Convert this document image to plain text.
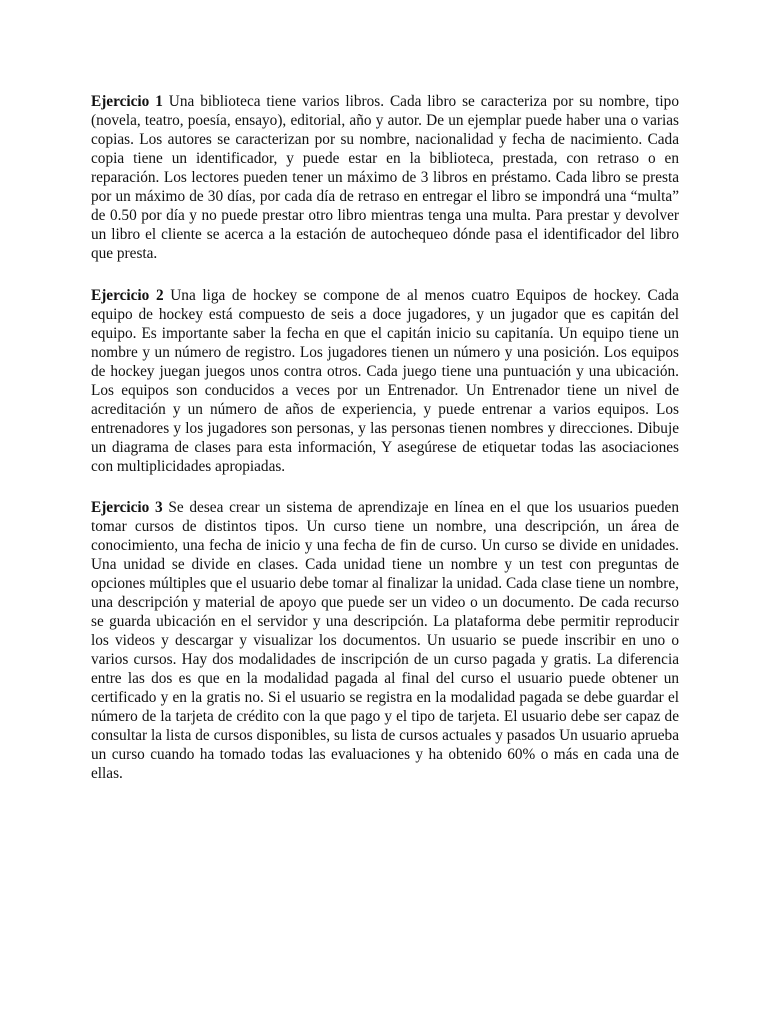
Ejercicio 1 Una biblioteca tiene varios libros. Cada libro se caracteriza por su nombre, tipo (novela, teatro, poesía, ensayo), editorial, año y autor. De un ejemplar puede haber una o varias copias. Los autores se caracterizan por su nombre, nacionalidad y fecha de nacimiento. Cada copia tiene un identificador, y puede estar en la biblioteca, prestada, con retraso o en reparación. Los lectores pueden tener un máximo de 3 libros en préstamo. Cada libro se presta por un máximo de 30 días, por cada día de retraso en entregar el libro se impondrá una “multa” de 0.50 por día y no puede prestar otro libro mientras tenga una multa. Para prestar y devolver un libro el cliente se acerca a la estación de autochequeo dónde pasa el identificador del libro que presta.

Ejercicio 2 Una liga de hockey se compone de al menos cuatro Equipos de hockey. Cada equipo de hockey está compuesto de seis a doce jugadores, y un jugador que es capitán del equipo. Es importante saber la fecha en que el capitán inicio su capitanía. Un equipo tiene un nombre y un número de registro. Los jugadores tienen un número y una posición. Los equipos de hockey juegan juegos unos contra otros. Cada juego tiene una puntuación y una ubicación. Los equipos son conducidos a veces por un Entrenador. Un Entrenador tiene un nivel de acreditación y un número de años de experiencia, y puede entrenar a varios equipos. Los entrenadores y los jugadores son personas, y las personas tienen nombres y direcciones. Dibuje un diagrama de clases para esta información, Y asegúrese de etiquetar todas las asociaciones con multiplicidades apropiadas.

Ejercicio 3 Se desea crear un sistema de aprendizaje en línea en el que los usuarios pueden tomar cursos de distintos tipos. Un curso tiene un nombre, una descripción, un área de conocimiento, una fecha de inicio y una fecha de fin de curso. Un curso se divide en unidades. Una unidad se divide en clases. Cada unidad tiene un nombre y un test con preguntas de opciones múltiples que el usuario debe tomar al finalizar la unidad. Cada clase tiene un nombre, una descripción y material de apoyo que puede ser un video o un documento. De cada recurso se guarda ubicación en el servidor y una descripción. La plataforma debe permitir reproducir los videos y descargar y visualizar los documentos. Un usuario se puede inscribir en uno o varios cursos. Hay dos modalidades de inscripción de un curso pagada y gratis. La diferencia entre las dos es que en la modalidad pagada al final del curso el usuario puede obtener un certificado y en la gratis no. Si el usuario se registra en la modalidad pagada se debe guardar el número de la tarjeta de crédito con la que pago y el tipo de tarjeta. El usuario debe ser capaz de consultar la lista de cursos disponibles, su lista de cursos actuales y pasados Un usuario aprueba un curso cuando ha tomado todas las evaluaciones y ha obtenido 60% o más en cada una de ellas.
